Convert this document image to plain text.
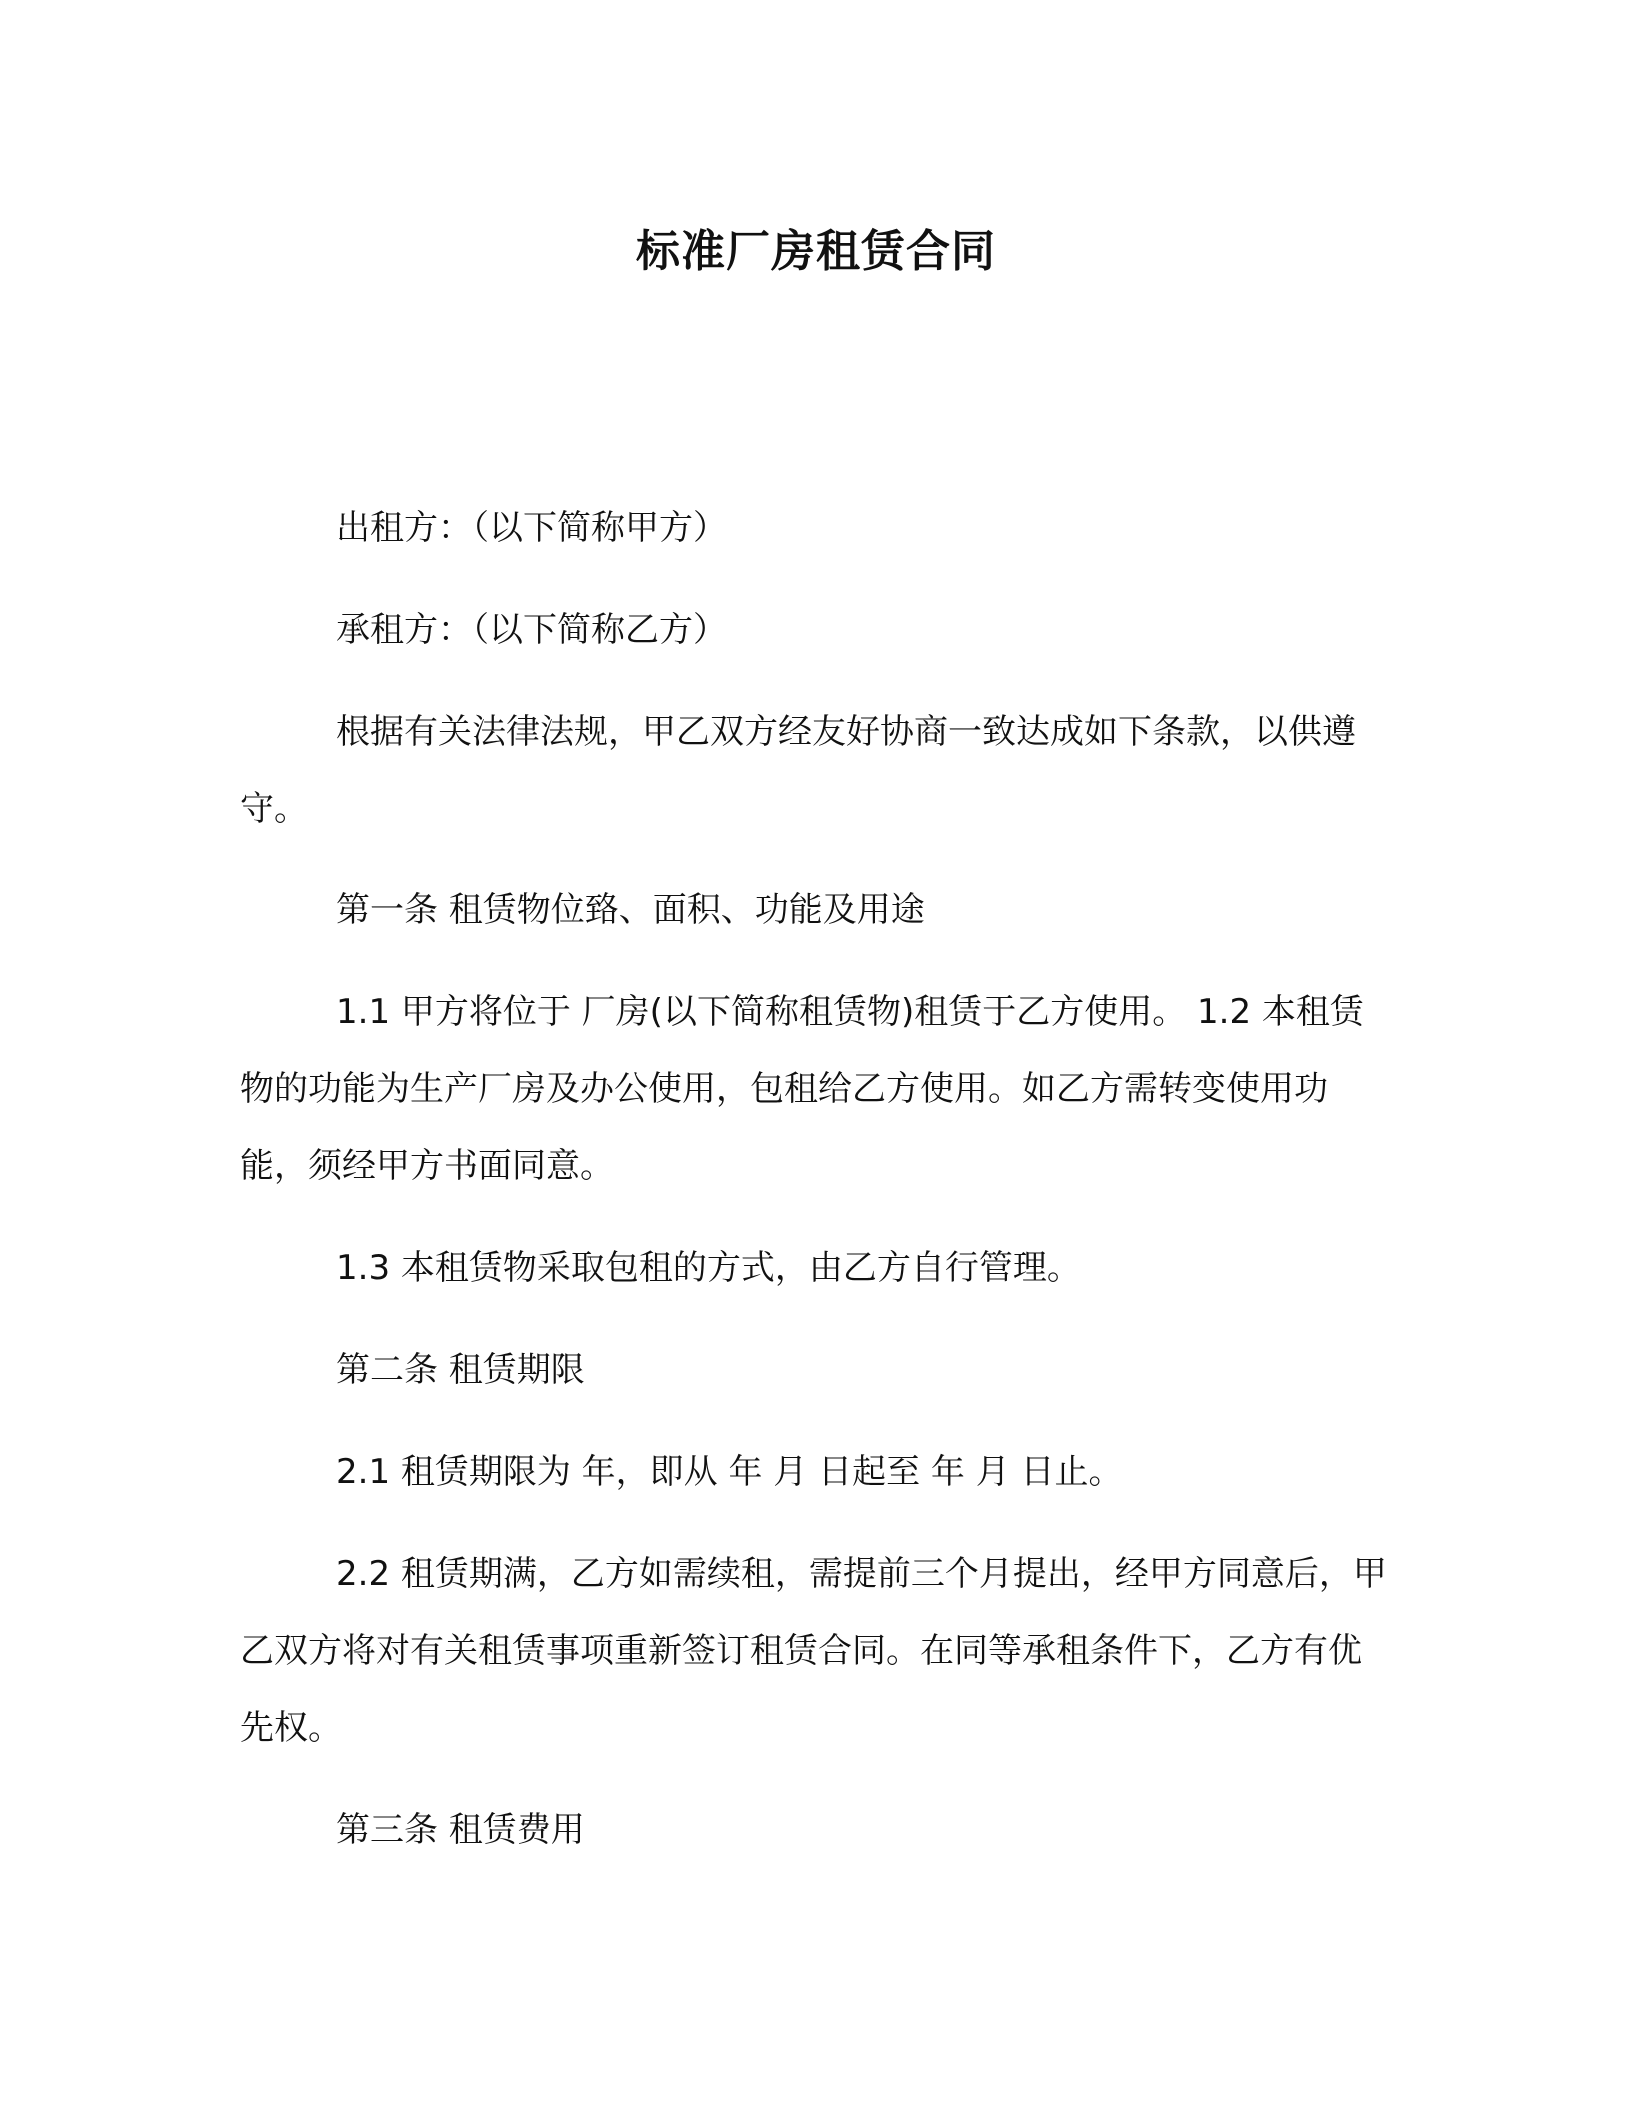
标准厂房租赁合同

出租方：（以下简称甲方）

承租方：（以下简称乙方）

根据有关法律法规，甲乙双方经友好协商一致达成如下条款，以供遵守。

第一条 租赁物位臵、面积、功能及用途

1.1 甲方将位于 厂房(以下简称租赁物)租赁于乙方使用。 1.2 本租赁物的功能为生产厂房及办公使用，包租给乙方使用。如乙方需转变使用功能，须经甲方书面同意。

1.3 本租赁物采取包租的方式，由乙方自行管理。

第二条 租赁期限

2.1 租赁期限为 年，即从 年 月 日起至 年 月 日止。

2.2 租赁期满，乙方如需续租，需提前三个月提出，经甲方同意后，甲乙双方将对有关租赁事项重新签订租赁合同。在同等承租条件下，乙方有优先权。

第三条 租赁费用
